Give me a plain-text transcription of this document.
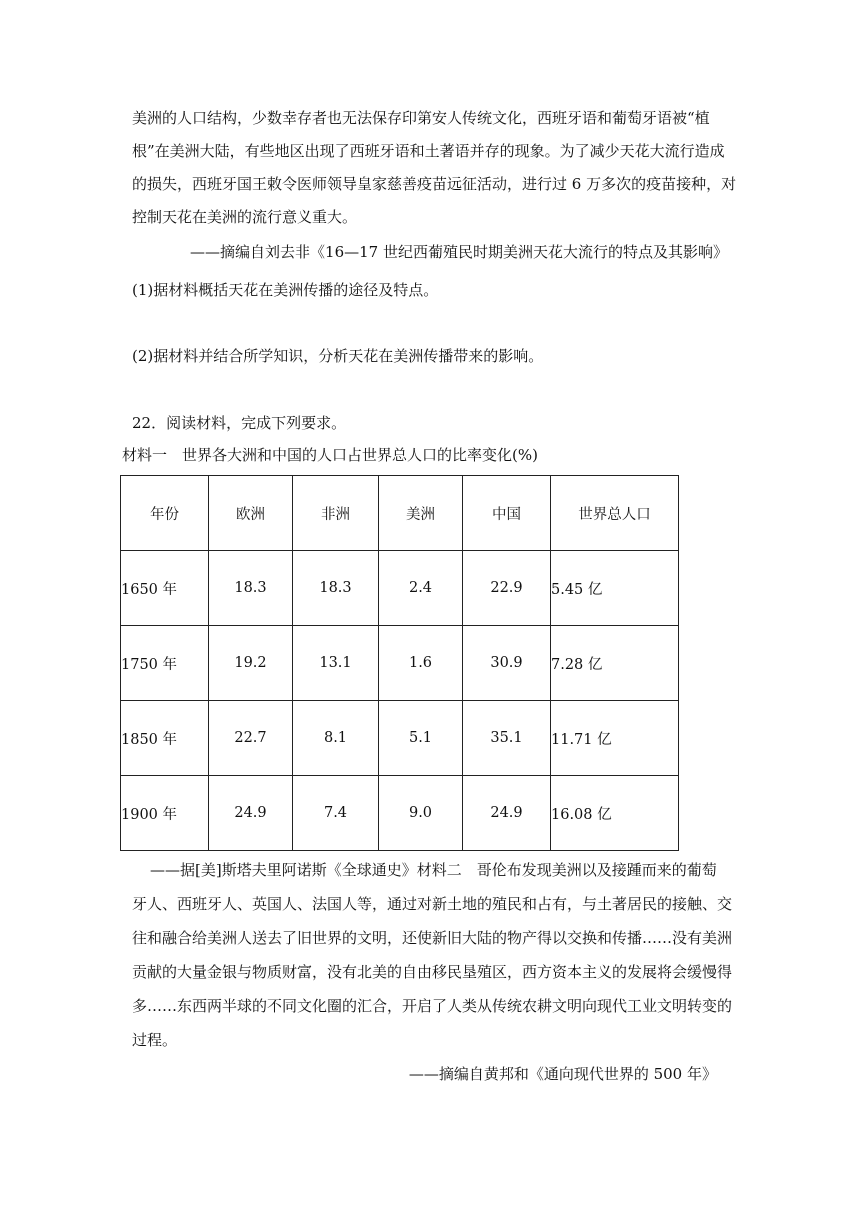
美洲的人口结构，少数幸存者也无法保存印第安人传统文化，西班牙语和葡萄牙语被“植
根”在美洲大陆，有些地区出现了西班牙语和土著语并存的现象。为了减少天花大流行造成
的损失，西班牙国王敕令医师领导皇家慈善疫苗远征活动，进行过 6 万多次的疫苗接种，对
控制天花在美洲的流行意义重大。
——摘编自刘去非《16—17 世纪西葡殖民时期美洲天花大流行的特点及其影响》
(1)据材料概括天花在美洲传播的途径及特点。
(2)据材料并结合所学知识，分析天花在美洲传播带来的影响。
22．阅读材料，完成下列要求。
材料一　世界各大洲和中国的人口占世界总人口的比率变化(%)
年份	欧洲	非洲	美洲	中国	世界总人口
1650 年	18.3	18.3	2.4	22.9	5.45 亿
1750 年	19.2	13.1	1.6	30.9	7.28 亿
1850 年	22.7	8.1	5.1	35.1	11.71 亿
1900 年	24.9	7.4	9.0	24.9	16.08 亿
——据[美]斯塔夫里阿诺斯《全球通史》材料二　哥伦布发现美洲以及接踵而来的葡萄
牙人、西班牙人、英国人、法国人等，通过对新土地的殖民和占有，与土著居民的接触、交
往和融合给美洲人送去了旧世界的文明，还使新旧大陆的物产得以交换和传播……没有美洲
贡献的大量金银与物质财富，没有北美的自由移民垦殖区，西方资本主义的发展将会缓慢得
多……东西两半球的不同文化圈的汇合，开启了人类从传统农耕文明向现代工业文明转变的
过程。
——摘编自黄邦和《通向现代世界的 500 年》
